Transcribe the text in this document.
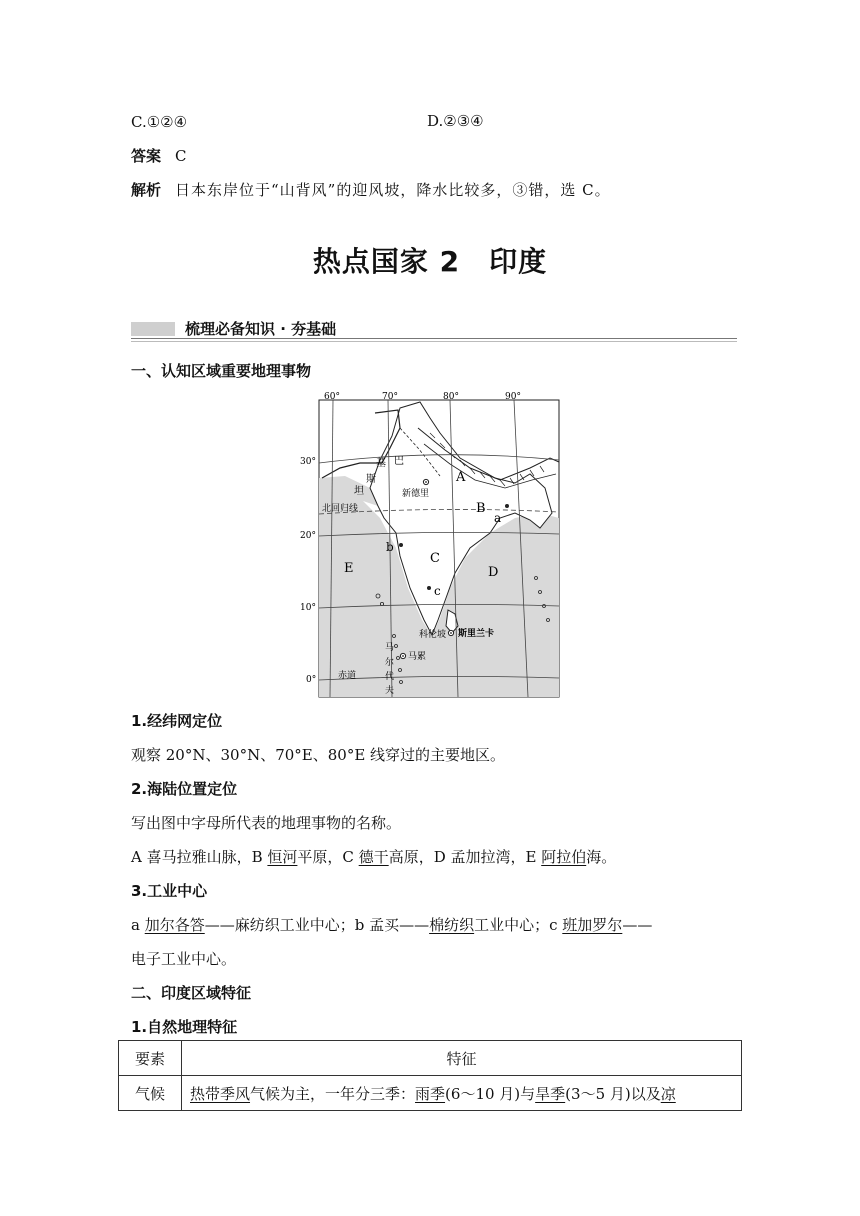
C.①②④	D.②③④
答案 C
解析 日本东岸位于“山背风”的迎风坡，降水比较多，③错，选 C。
热点国家 2　印度
梳理必备知识 · 夯基础
一、认知区域重要地理事物
60°	70°	80°	90°
30°
20°
10°
0°
巴
基
斯
坦	新德里
北回归线
A
B
C
D
E
a
b
c
科伦坡 斯里兰卡
马
尔
代
夫
马累
赤道
1.经纬网定位
观察 20°N、30°N、70°E、80°E 线穿过的主要地区。
2.海陆位置定位
写出图中字母所代表的地理事物的名称。
A 喜马拉雅山脉，B 恒河平原，C 德干高原，D 孟加拉湾，E 阿拉伯海。
3.工业中心
a 加尔各答——麻纺织工业中心；b 孟买——棉纺织工业中心；c 班加罗尔——
电子工业中心。
二、印度区域特征
1.自然地理特征
要素	特征
气候	热带季风气候为主，一年分三季：雨季(6～10 月)与旱季(3～5 月)以及凉
